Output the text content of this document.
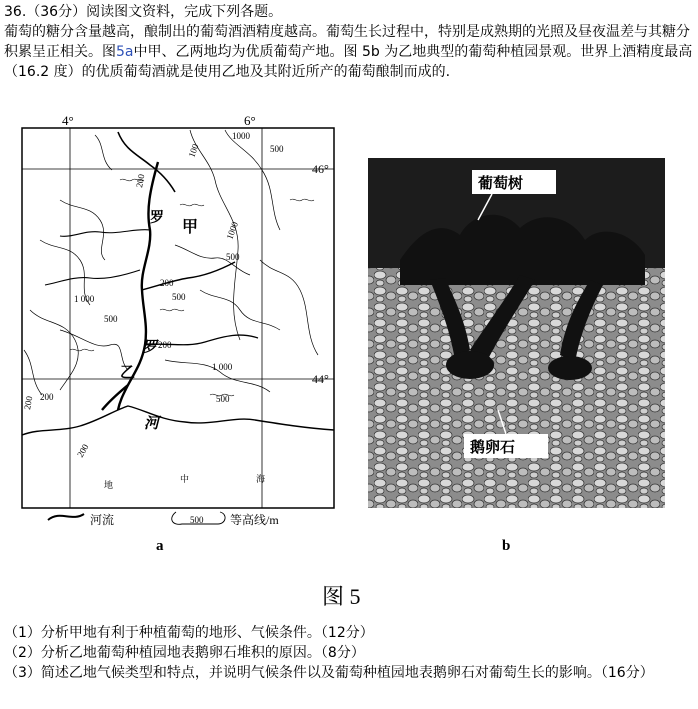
36.（36分）阅读图文资料，完成下列各题。

葡萄的糖分含量越高，酿制出的葡萄酒酒精度越高。葡萄生长过程中，特别是成熟期的光照及昼夜温差与其糖分积累呈正相关。图5a中甲、乙两地均为优质葡萄产地。图 5b 为乙地典型的葡萄种植园景观。世界上酒精度最高（16.2 度）的优质葡萄酒就是使用乙地及其附近所产的葡萄酿制而成的.

4°	6°
46°
44°
罗
甲
罗
乙
河
地
中	海
1000
500
100
200
1000
500
1 000
500
200
500
200
1 000
500
200
200
200
河流	500 等高线/m
a
葡萄树
鹅卵石
b
图 5

（1）分析甲地有利于种植葡萄的地形、气候条件。（12分）

（2）分析乙地葡萄种植园地表鹅卵石堆积的原因。（8分）

（3）简述乙地气候类型和特点，并说明气候条件以及葡萄种植园地表鹅卵石对葡萄生长的影响。（16分）
